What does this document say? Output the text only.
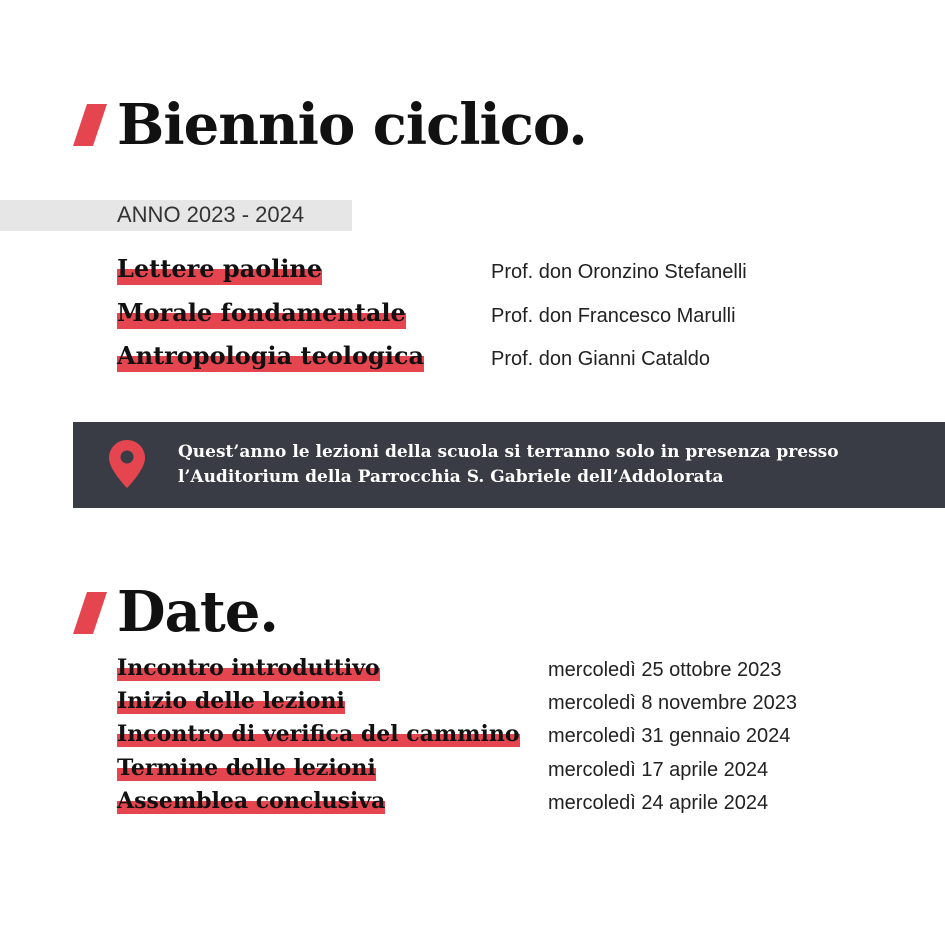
Biennio ciclico.
ANNO 2023 - 2024
Lettere paoline	Prof. don Oronzino Stefanelli
Morale fondamentale	Prof. don Francesco Marulli
Antropologia teologica	Prof. don Gianni Cataldo
Quest’anno le lezioni della scuola si terranno solo in presenza presso l’Auditorium della Parrocchia S. Gabriele dell’Addolorata
Date.
Incontro introduttivo	mercoledì 25 ottobre 2023
Inizio delle lezioni	mercoledì 8 novembre 2023
Incontro di verifica del cammino mercoledì 31 gennaio 2024
Termine delle lezioni	mercoledì 17 aprile 2024
Assemblea conclusiva	mercoledì 24 aprile 2024
